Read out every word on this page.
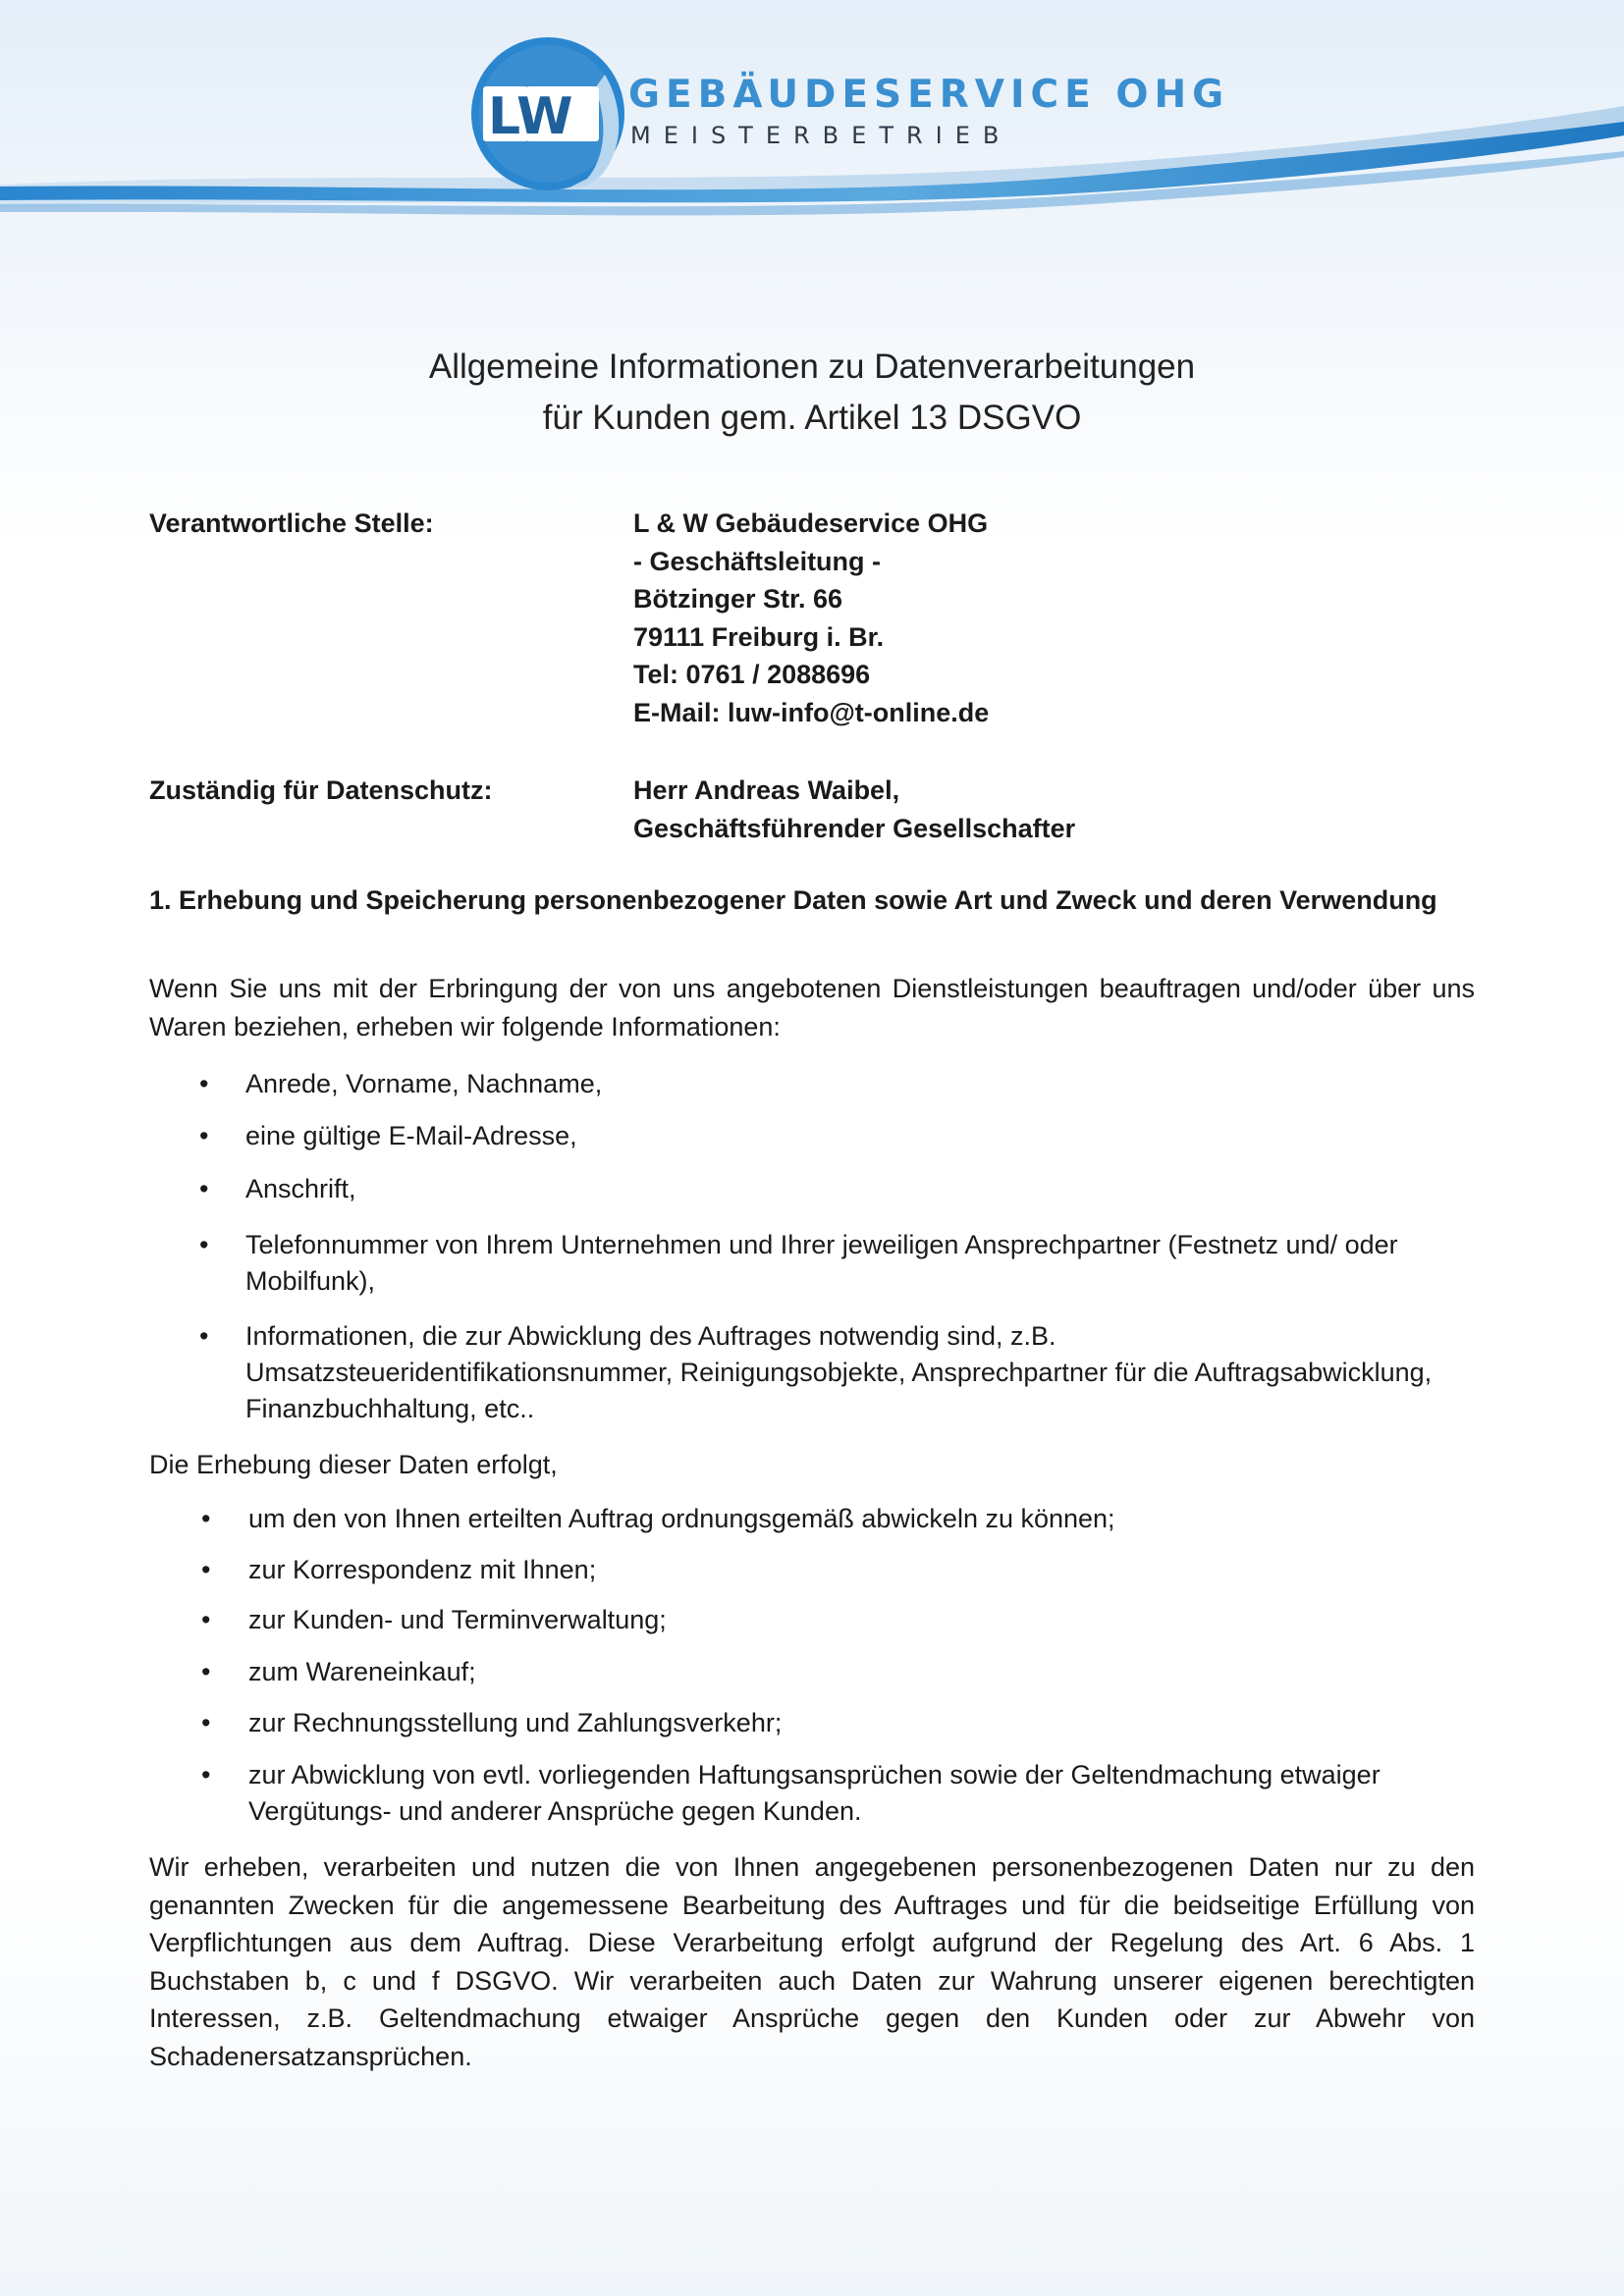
LW GEBÄUDESERVICE OHG
MEISTERBETRIEB
Allgemeine Informationen zu Datenverarbeitungen
für Kunden gem. Artikel 13 DSGVO
Verantwortliche Stelle:	L & W Gebäudeservice OHG
- Geschäftsleitung -
Bötzinger Str. 66
79111 Freiburg i. Br.
Tel: 0761 / 2088696
E-Mail: luw-info@t-online.de
Zuständig für Datenschutz:	Herr Andreas Waibel,
Geschäftsführender Gesellschafter
1. Erhebung und Speicherung personenbezogener Daten sowie Art und Zweck und deren Verwendung
Wenn Sie uns mit der Erbringung der von uns angebotenen Dienstleistungen beauftragen und/oder über uns Waren beziehen, erheben wir folgende Informationen:
• Anrede, Vorname, Nachname,
• eine gültige E-Mail-Adresse,
• Anschrift,
• Telefonnummer von Ihrem Unternehmen und Ihrer jeweiligen Ansprechpartner (Festnetz und/ oder Mobilfunk),
• Informationen, die zur Abwicklung des Auftrages notwendig sind, z.B. Umsatzsteueridentifikationsnummer, Reinigungsobjekte, Ansprechpartner für die Auftragsabwicklung, Finanzbuchhaltung, etc..
Die Erhebung dieser Daten erfolgt,
• um den von Ihnen erteilten Auftrag ordnungsgemäß abwickeln zu können;
• zur Korrespondenz mit Ihnen;
• zur Kunden- und Terminverwaltung;
• zum Wareneinkauf;
• zur Rechnungsstellung und Zahlungsverkehr;
• zur Abwicklung von evtl. vorliegenden Haftungsansprüchen sowie der Geltendmachung etwaiger Vergütungs- und anderer Ansprüche gegen Kunden.
Wir erheben, verarbeiten und nutzen die von Ihnen angegebenen personenbezogenen Daten nur zu den genannten Zwecken für die angemessene Bearbeitung des Auftrages und für die beidseitige Erfüllung von Verpflichtungen aus dem Auftrag. Diese Verarbeitung erfolgt aufgrund der Regelung des Art. 6 Abs. 1 Buchstaben b, c und f DSGVO. Wir verarbeiten auch Daten zur Wahrung unserer eigenen berechtigten Interessen, z.B. Geltendmachung etwaiger Ansprüche gegen den Kunden oder zur Abwehr von Schadenersatzansprüchen.
